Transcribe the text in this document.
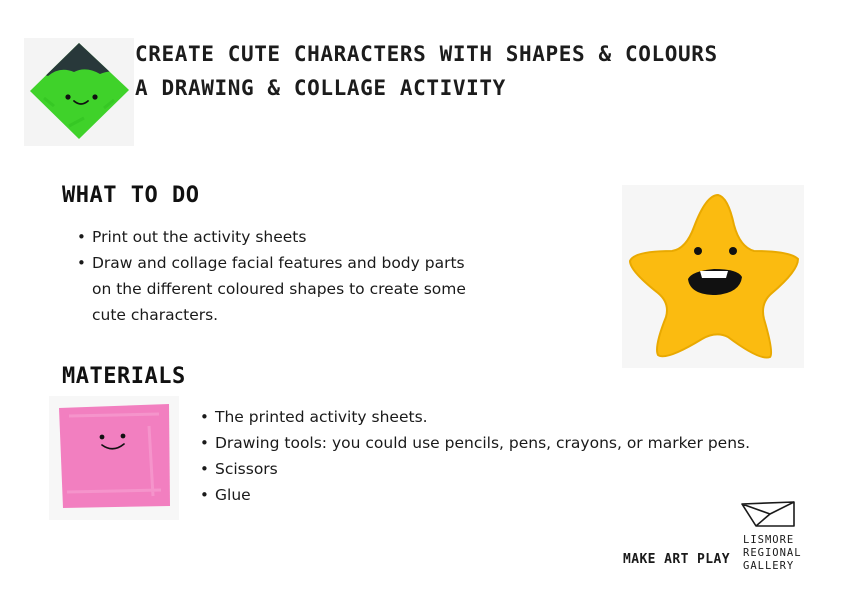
CREATE CUTE CHARACTERS WITH SHAPES & COLOURS

A DRAWING & COLLAGE ACTIVITY

WHAT TO DO
• Print out the activity sheets
• Draw and collage facial features and body parts on the different coloured shapes to create some cute characters.
MATERIALS
• The printed activity sheets.
• Drawing tools: you could use pencils, pens, crayons, or marker pens.
• Scissors
• Glue
MAKE ART PLAY
LISMORE
REGIONAL
GALLERY
